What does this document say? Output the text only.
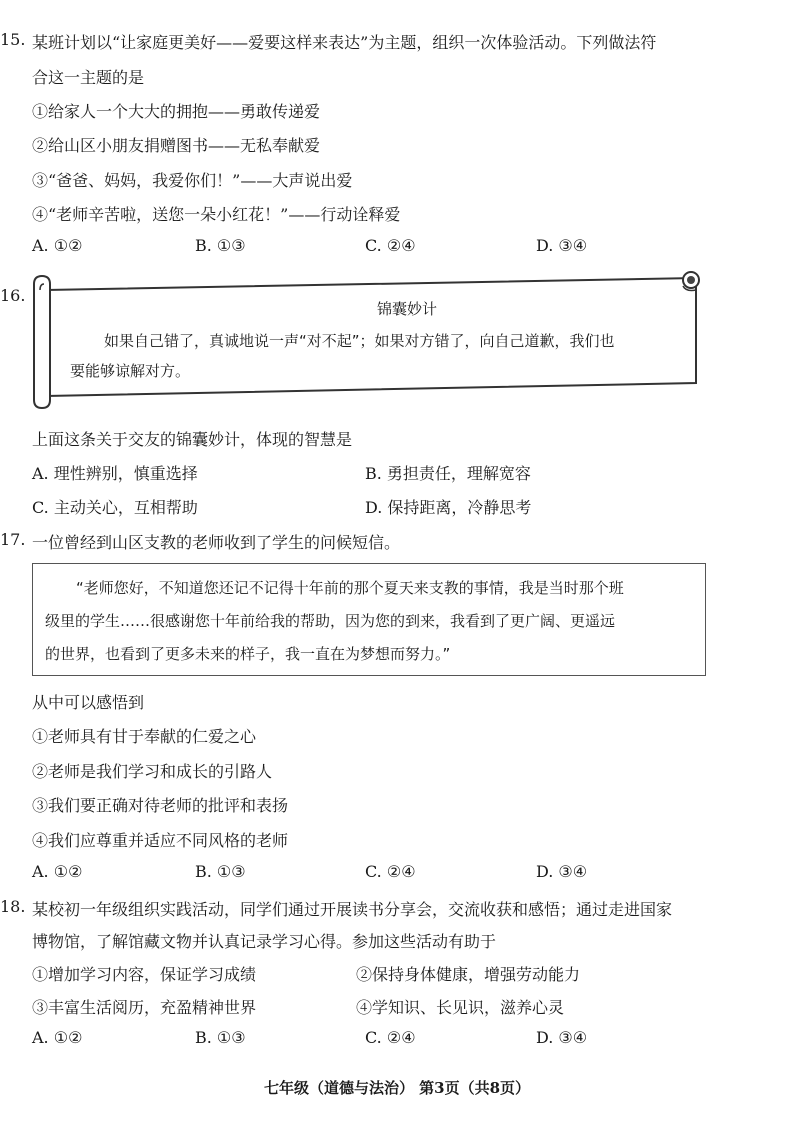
15. 某班计划以“让家庭更美好——爱要这样来表达”为主题，组织一次体验活动。下列做法符
合这一主题的是
①给家人一个大大的拥抱——勇敢传递爱
②给山区小朋友捐赠图书——无私奉献爱
③“爸爸、妈妈，我爱你们！”——大声说出爱
④“老师辛苦啦，送您一朵小红花！”——行动诠释爱
A. ①②	B. ①③	C. ②④	D. ③④
16.
锦囊妙计
如果自己错了，真诚地说一声“对不起”；如果对方错了，向自己道歉，我们也
要能够谅解对方。
上面这条关于交友的锦囊妙计，体现的智慧是
A. 理性辨别，慎重选择	B. 勇担责任，理解宽容
C. 主动关心，互相帮助	D. 保持距离，冷静思考
17. 一位曾经到山区支教的老师收到了学生的问候短信。
“老师您好，不知道您还记不记得十年前的那个夏天来支教的事情，我是当时那个班
级里的学生……很感谢您十年前给我的帮助，因为您的到来，我看到了更广阔、更遥远
的世界，也看到了更多未来的样子，我一直在为梦想而努力。”
从中可以感悟到
①老师具有甘于奉献的仁爱之心
②老师是我们学习和成长的引路人
③我们要正确对待老师的批评和表扬
④我们应尊重并适应不同风格的老师
A. ①②	B. ①③	C. ②④	D. ③④
18. 某校初一年级组织实践活动，同学们通过开展读书分享会，交流收获和感悟；通过走进国家
博物馆，了解馆藏文物并认真记录学习心得。参加这些活动有助于
①增加学习内容，保证学习成绩	②保持身体健康，增强劳动能力
③丰富生活阅历，充盈精神世界	④学知识、长见识，滋养心灵
A. ①②	B. ①③	C. ②④	D. ③④
七年级（道德与法治） 第3页（共8页）
